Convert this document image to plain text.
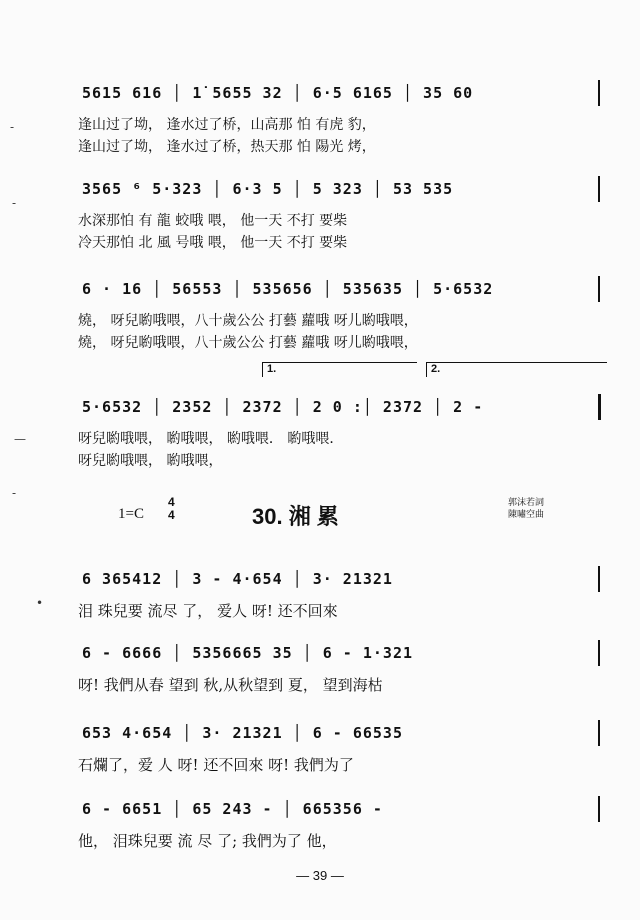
5615 616 │ 1̇ 5655 32 │ 6·5 6165 │ 35 60
逢山过了坳， 逢水过了桥，山高那 怕 有虎 豹，
逢山过了坳， 逢水过了桥，热天那 怕 陽光 烤，
3565 ⁶ 5·323 │ 6·3 5 │ 5 323 │ 53 535
水深那怕 有 龍 蛟哦 喂， 他一天 不打 要柴
冷天那怕 北 風 号哦 喂， 他一天 不打 要柴
6 · 16 │ 56553 │ 535656 │ 535635 │ 5·6532
燒， 呀兒喲哦喂，八十歲公公 打藝 蘿哦 呀儿喲哦喂，
燒， 呀兒喲哦喂，八十歲公公 打藝 蘿哦 呀儿喲哦喂，
1.	2.
5·6532 │ 2352 │ 2372 │ 2 0 :│ 2372 │ 2 -
呀兒喲哦喂， 喲哦喂， 喲哦喂． 喲哦喂．
呀兒喲哦喂， 喲哦喂，
1=C
4
4	30. 湘 累
郭沫若詞
陳嘯空曲
6 365412 │ 3 - 4·654 │ 3· 21321
泪 珠兒要 流尽 了， 爱人 呀! 还不回來
6 - 6666 │ 5356665 35 │ 6 - 1·321
呀! 我們从春 望到 秋,从秋望到 夏， 望到海枯
653 4·654 │ 3· 21321 │ 6 - 66535
石爛了，爱 人 呀! 还不回來 呀! 我們为了
6 - 6651 │ 65 243 - │ 665356 -
他， 泪珠兒要 流 尽 了; 我們为了 他，
-
-
—
-
•
— 39 —
